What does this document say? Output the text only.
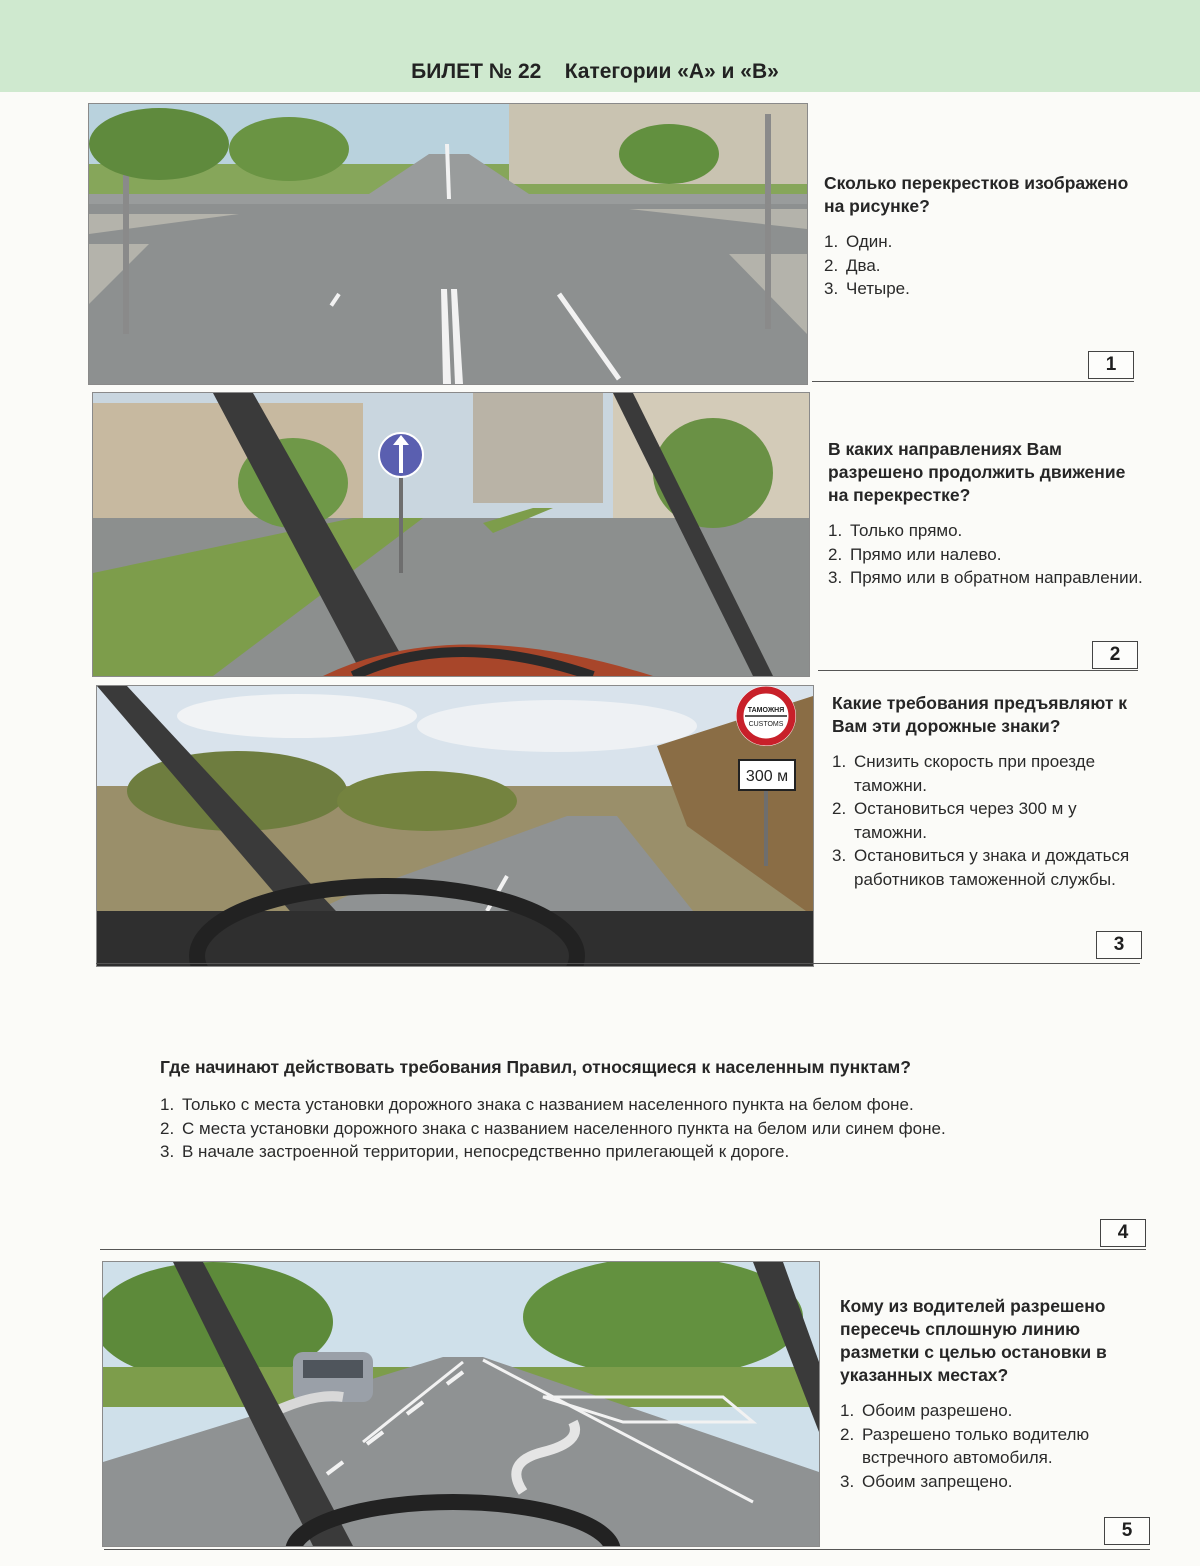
БИЛЕТ № 22 Категории «А» и «В»

Сколько перекрестков изображено на рисунке?

1. Один.
2. Два.
3. Четыре.
1

В каких направлениях Вам разрешено продолжить движение на перекрестке?

1. Только прямо.
2. Прямо или налево.
3. Прямо или в обратном направлении.
2
ТАМОЖНЯ
CUSTOMS
300 м

Какие требования предъявляют к Вам эти дорожные знаки?

1. Снизить скорость при проезде таможни.
2. Остановиться через 300 м у таможни.
3. Остановиться у знака и дождаться работников таможенной службы.
3

Где начинают действовать требования Правил, относящиеся к населенным пунктам?

1. Только с места установки дорожного знака с названием населенного пункта на белом фоне.
2. С места установки дорожного знака с названием населенного пункта на белом или синем фоне.
3. В начале застроенной территории, непосредственно прилегающей к дороге.
4

Кому из водителей разрешено пересечь сплошную линию разметки с целью остановки в указанных местах?

1. Обоим разрешено.
2. Разрешено только водителю встречного автомобиля.
3. Обоим запрещено.
5
